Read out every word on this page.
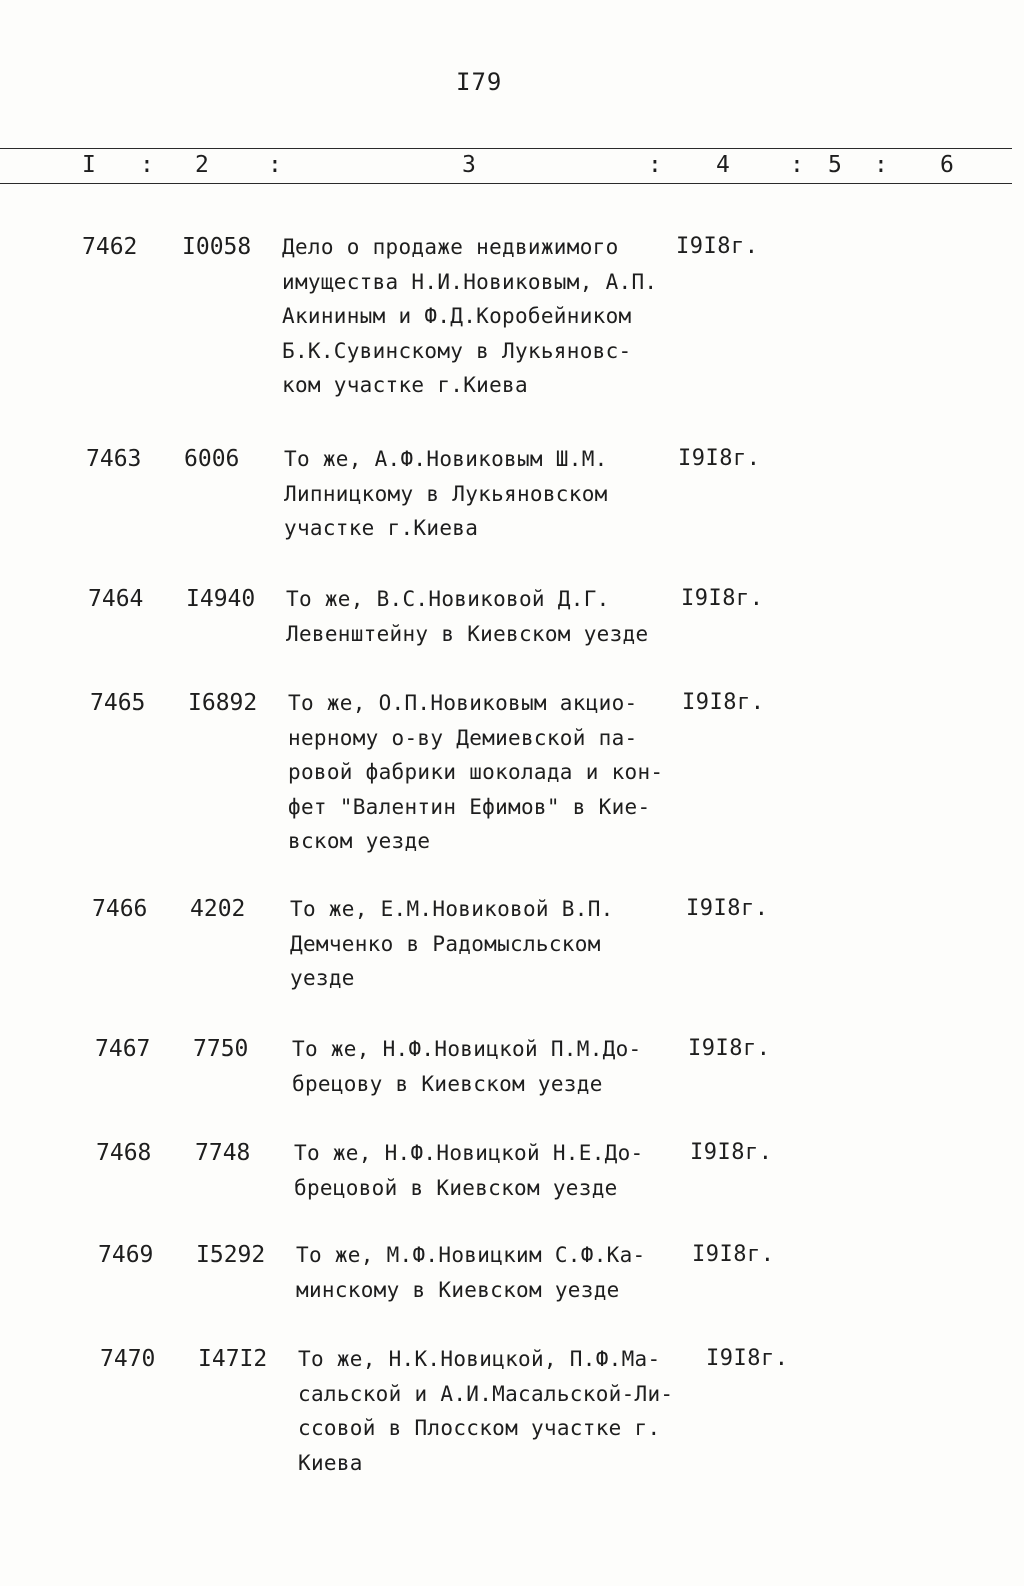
I79
I : 2	:	3	: 4	: 5 : 6
7462 I0058 Дело о продаже недвижимого
имущества Н.И.Новиковым, А.П.
Акининым и Ф.Д.Коробейником
Б.К.Сувинскому в Лукьяновс-
ком участке г.Киева
I9I8г.
7463 6006 То же, А.Ф.Новиковым Ш.М.
Липницкому в Лукьяновском
участке г.Киева
I9I8г.
7464 I4940 То же, В.С.Новиковой Д.Г.
Левенштейну в Киевском уезде
I9I8г.
7465 I6892 То же, О.П.Новиковым акцио-
нерному о-ву Демиевской па-
ровой фабрики шоколада и кон-
фет "Валентин Ефимов" в Кие-
вском уезде
I9I8г.
7466 4202 То же, Е.М.Новиковой В.П.
Демченко в Радомысльском
уезде
I9I8г.
7467 7750 То же, Н.Ф.Новицкой П.М.До-
брецову в Киевском уезде
I9I8г.
7468 7748 То же, Н.Ф.Новицкой Н.Е.До-
брецовой в Киевском уезде
I9I8г.
7469 I5292 То же, М.Ф.Новицким С.Ф.Ка-
минскому в Киевском уезде
I9I8г.
7470 I47I2 То же, Н.К.Новицкой, П.Ф.Ма-
сальской и А.И.Масальской-Ли-
ссовой в Плосском участке г.
Киева
I9I8г.
